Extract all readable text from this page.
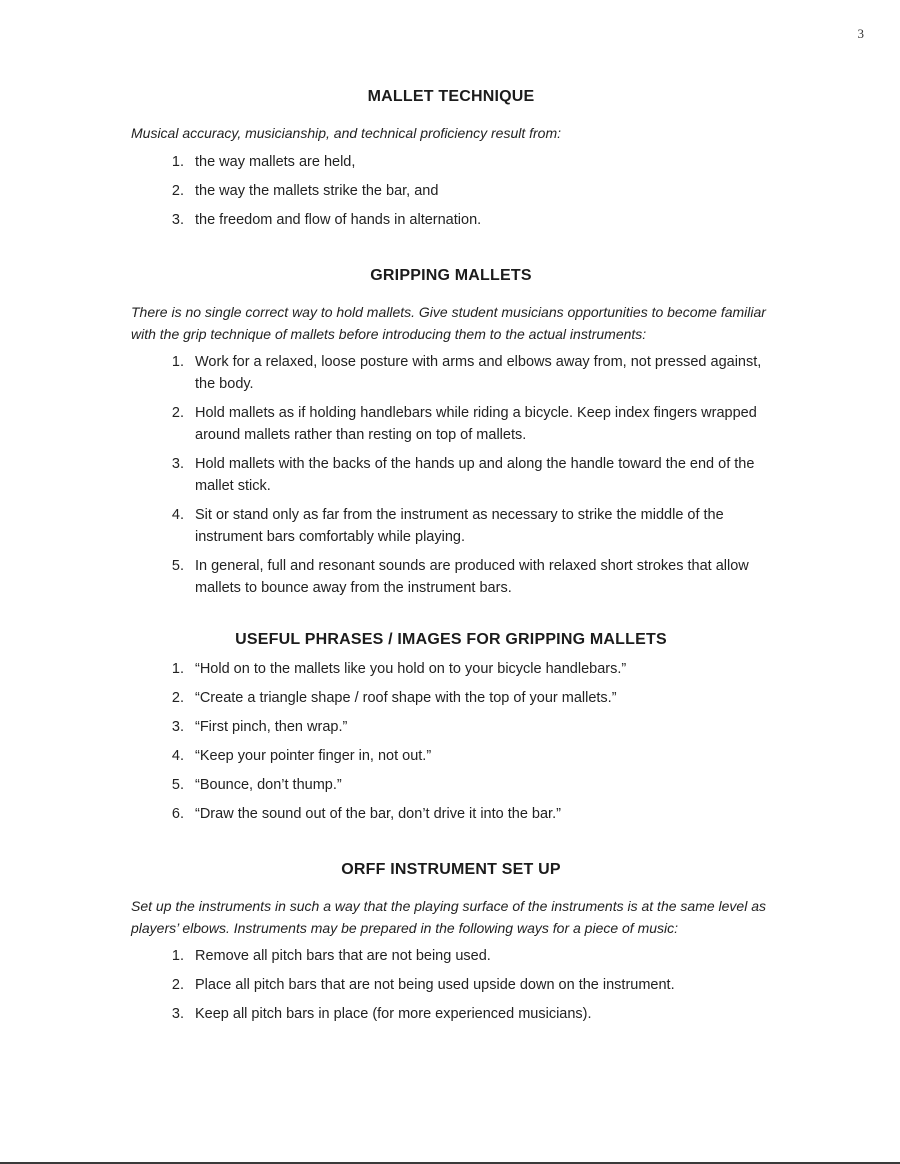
3
MALLET TECHNIQUE

Musical accuracy, musicianship, and technical proficiency result from:

1. the way mallets are held,
2. the way the mallets strike the bar, and
3. the freedom and flow of hands in alternation.
GRIPPING MALLETS

There is no single correct way to hold mallets. Give student musicians opportunities to become familiar with the grip technique of mallets before introducing them to the actual instruments:

1. Work for a relaxed, loose posture with arms and elbows away from, not pressed against, the body.
2. Hold mallets as if holding handlebars while riding a bicycle. Keep index fingers wrapped around mallets rather than resting on top of mallets.
3. Hold mallets with the backs of the hands up and along the handle toward the end of the mallet stick.
4. Sit or stand only as far from the instrument as necessary to strike the middle of the instrument bars comfortably while playing.
5. In general, full and resonant sounds are produced with relaxed short strokes that allow mallets to bounce away from the instrument bars.
USEFUL PHRASES / IMAGES FOR GRIPPING MALLETS
1. “Hold on to the mallets like you hold on to your bicycle handlebars.”
2. “Create a triangle shape / roof shape with the top of your mallets.”
3. “First pinch, then wrap.”
4. “Keep your pointer finger in, not out.”
5. “Bounce, don’t thump.”
6. “Draw the sound out of the bar, don’t drive it into the bar.”
ORFF INSTRUMENT SET UP

Set up the instruments in such a way that the playing surface of the instruments is at the same level as players’ elbows. Instruments may be prepared in the following ways for a piece of music:

1. Remove all pitch bars that are not being used.
2. Place all pitch bars that are not being used upside down on the instrument.
3. Keep all pitch bars in place (for more experienced musicians).
